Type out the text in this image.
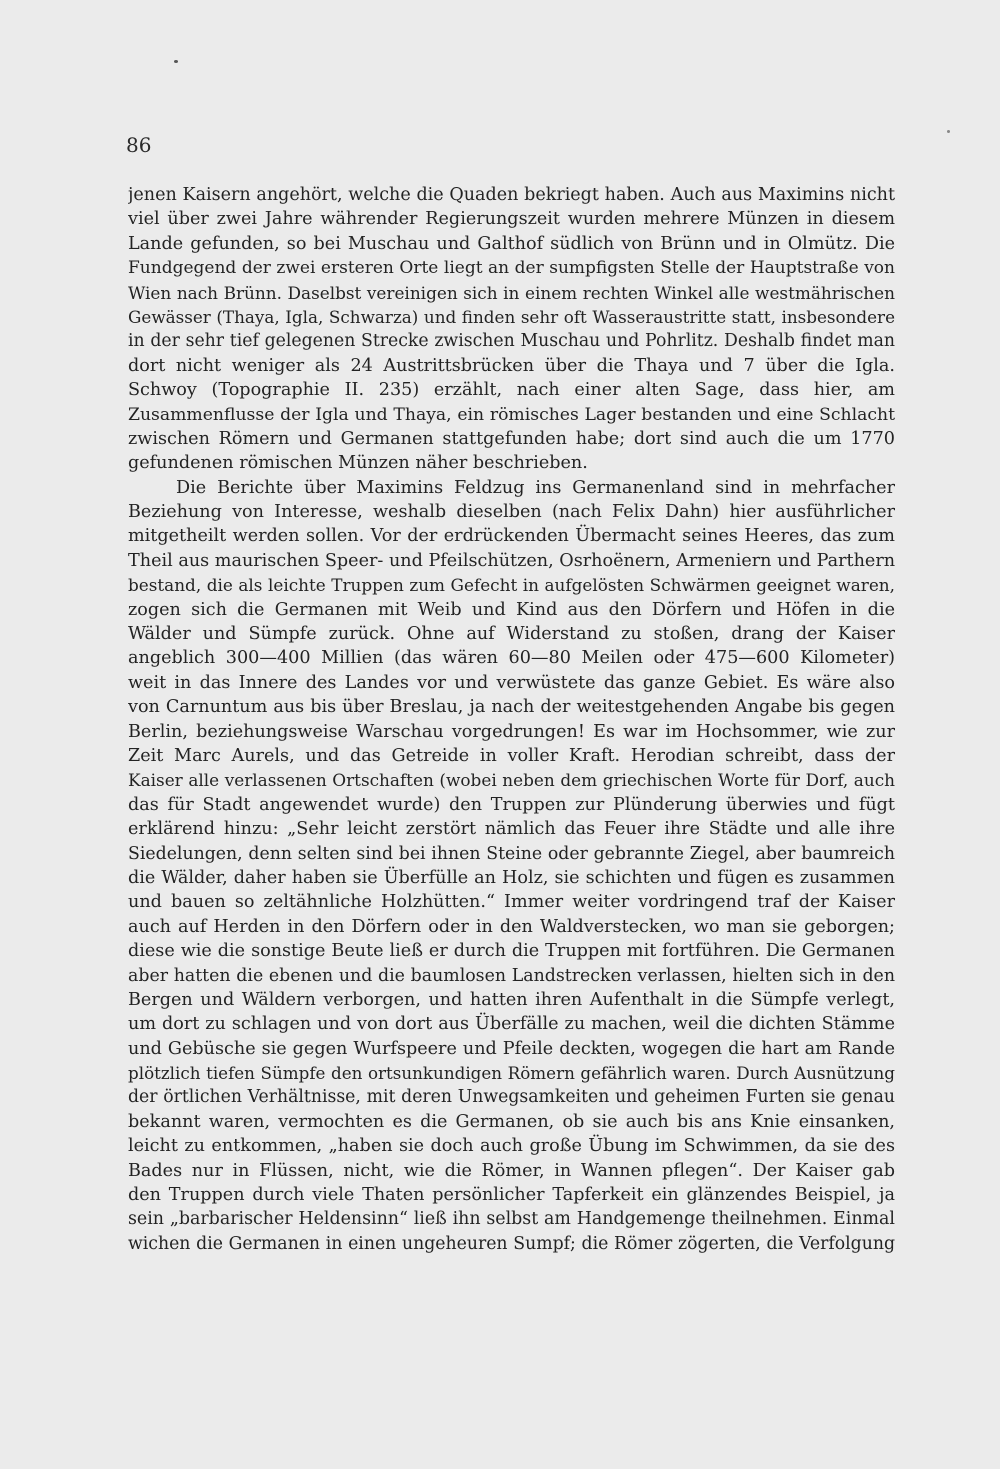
86
jenen Kaisern angehört, welche die Quaden bekriegt haben. Auch aus Maximins nicht
viel über zwei Jahre währender Regierungszeit wurden mehrere Münzen in diesem
Lande gefunden, so bei Muschau und Galthof südlich von Brünn und in Olmütz. Die
Fundgegend der zwei ersteren Orte liegt an der sumpfigsten Stelle der Hauptstraße von
Wien nach Brünn. Daselbst vereinigen sich in einem rechten Winkel alle westmährischen
Gewässer (Thaya, Igla, Schwarza) und finden sehr oft Wasseraustritte statt, insbesondere
in der sehr tief gelegenen Strecke zwischen Muschau und Pohrlitz. Deshalb findet man
dort nicht weniger als 24 Austrittsbrücken über die Thaya und 7 über die Igla.
Schwoy (Topographie II. 235) erzählt, nach einer alten Sage, dass hier, am
Zusammenflusse der Igla und Thaya, ein römisches Lager bestanden und eine Schlacht
zwischen Römern und Germanen stattgefunden habe; dort sind auch die um 1770
gefundenen römischen Münzen näher beschrieben.
Die Berichte über Maximins Feldzug ins Germanenland sind in mehrfacher
Beziehung von Interesse, weshalb dieselben (nach Felix Dahn) hier ausführlicher
mitgetheilt werden sollen. Vor der erdrückenden Übermacht seines Heeres, das zum
Theil aus maurischen Speer- und Pfeilschützen, Osrhoënern, Armeniern und Parthern
bestand, die als leichte Truppen zum Gefecht in aufgelösten Schwärmen geeignet waren,
zogen sich die Germanen mit Weib und Kind aus den Dörfern und Höfen in die
Wälder und Sümpfe zurück. Ohne auf Widerstand zu stoßen, drang der Kaiser
angeblich 300—400 Millien (das wären 60—80 Meilen oder 475—600 Kilometer)
weit in das Innere des Landes vor und verwüstete das ganze Gebiet. Es wäre also
von Carnuntum aus bis über Breslau, ja nach der weitestgehenden Angabe bis gegen
Berlin, beziehungsweise Warschau vorgedrungen! Es war im Hochsommer, wie zur
Zeit Marc Aurels, und das Getreide in voller Kraft. Herodian schreibt, dass der
Kaiser alle verlassenen Ortschaften (wobei neben dem griechischen Worte für Dorf, auch
das für Stadt angewendet wurde) den Truppen zur Plünderung überwies und fügt
erklärend hinzu: „Sehr leicht zerstört nämlich das Feuer ihre Städte und alle ihre
Siedelungen, denn selten sind bei ihnen Steine oder gebrannte Ziegel, aber baumreich
die Wälder, daher haben sie Überfülle an Holz, sie schichten und fügen es zusammen
und bauen so zeltähnliche Holzhütten.“ Immer weiter vordringend traf der Kaiser
auch auf Herden in den Dörfern oder in den Waldverstecken, wo man sie geborgen;
diese wie die sonstige Beute ließ er durch die Truppen mit fortführen. Die Germanen
aber hatten die ebenen und die baumlosen Landstrecken verlassen, hielten sich in den
Bergen und Wäldern verborgen, und hatten ihren Aufenthalt in die Sümpfe verlegt,
um dort zu schlagen und von dort aus Überfälle zu machen, weil die dichten Stämme
und Gebüsche sie gegen Wurfspeere und Pfeile deckten, wogegen die hart am Rande
plötzlich tiefen Sümpfe den ortsunkundigen Römern gefährlich waren. Durch Ausnützung
der örtlichen Verhältnisse, mit deren Unwegsamkeiten und geheimen Furten sie genau
bekannt waren, vermochten es die Germanen, ob sie auch bis ans Knie einsanken,
leicht zu entkommen, „haben sie doch auch große Übung im Schwimmen, da sie des
Bades nur in Flüssen, nicht, wie die Römer, in Wannen pflegen“. Der Kaiser gab
den Truppen durch viele Thaten persönlicher Tapferkeit ein glänzendes Beispiel, ja
sein „barbarischer Heldensinn“ ließ ihn selbst am Handgemenge theilnehmen. Einmal
wichen die Germanen in einen ungeheuren Sumpf; die Römer zögerten, die Verfolgung
